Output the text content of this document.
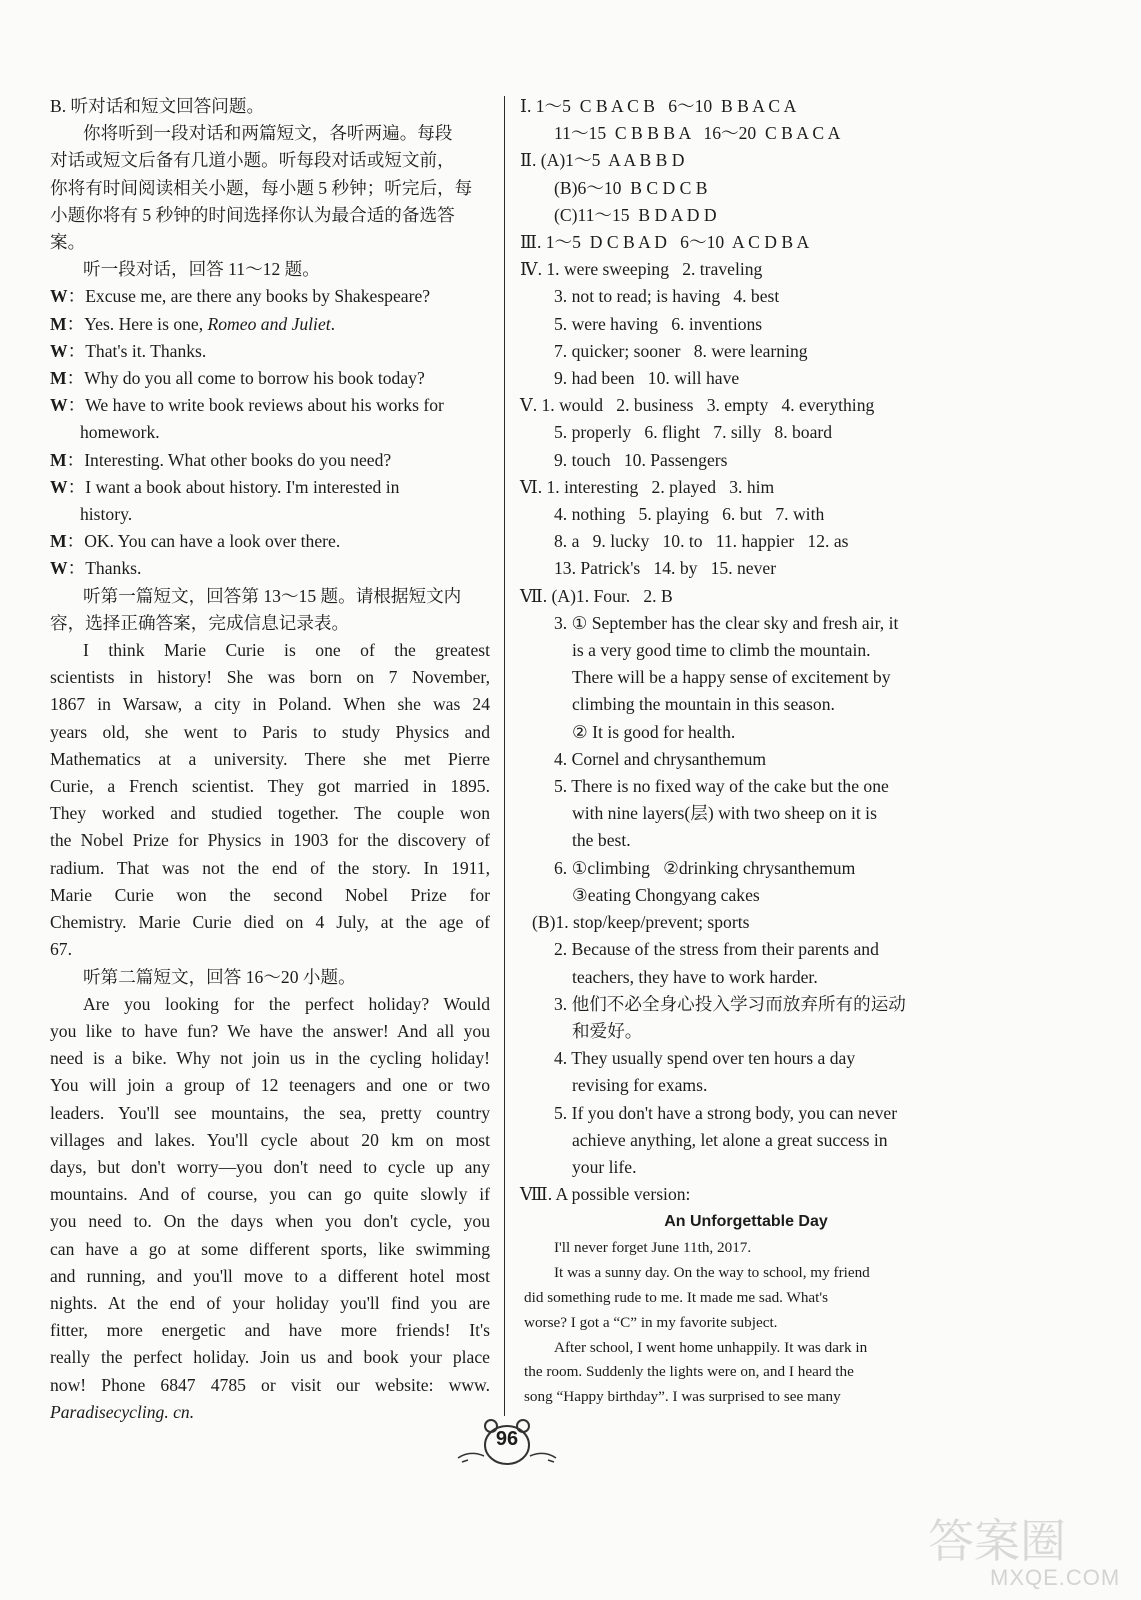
B. 听对话和短文回答问题。
你将听到一段对话和两篇短文，各听两遍。每段
对话或短文后备有几道小题。听每段对话或短文前，
你将有时间阅读相关小题，每小题 5 秒钟；听完后，每
小题你将有 5 秒钟的时间选择你认为最合适的备选答
案。
听一段对话，回答 11～12 题。
W：Excuse me, are there any books by Shakespeare?
M：Yes. Here is one, Romeo and Juliet.
W：That's it. Thanks.
M：Why do you all come to borrow his book today?
W：We have to write book reviews about his works for
homework.
M：Interesting. What other books do you need?
W：I want a book about history. I'm interested in
history.
M：OK. You can have a look over there.
W：Thanks.
听第一篇短文，回答第 13～15 题。请根据短文内
容，选择正确答案，完成信息记录表。
I think Marie Curie is one of the greatest
scientists in history! She was born on 7 November,
1867 in Warsaw, a city in Poland. When she was 24
years old, she went to Paris to study Physics and
Mathematics at a university. There she met Pierre
Curie, a French scientist. They got married in 1895.
They worked and studied together. The couple won
the Nobel Prize for Physics in 1903 for the discovery of
radium. That was not the end of the story. In 1911,
Marie Curie won the second Nobel Prize for
Chemistry. Marie Curie died on 4 July, at the age of
67.
听第二篇短文，回答 16～20 小题。
Are you looking for the perfect holiday? Would
you like to have fun? We have the answer! And all you
need is a bike. Why not join us in the cycling holiday!
You will join a group of 12 teenagers and one or two
leaders. You'll see mountains, the sea, pretty country
villages and lakes. You'll cycle about 20 km on most
days, but don't worry—you don't need to cycle up any
mountains. And of course, you can go quite slowly if
you need to. On the days when you don't cycle, you
can have a go at some different sports, like swimming
and running, and you'll move to a different hotel most
nights. At the end of your holiday you'll find you are
fitter, more energetic and have more friends! It's
really the perfect holiday. Join us and book your place
now! Phone 6847 4785 or visit our website: www.
Paradisecycling. cn.
Ⅰ. 1～5  C B A C B   6～10  B B A C A
11～15  C B B B A   16～20  C B A C A
Ⅱ. (A)1～5  A A B B D
(B)6～10  B C D C B
(C)11～15  B D A D D
Ⅲ. 1～5  D C B A D   6～10  A C D B A
Ⅳ. 1. were sweeping   2. traveling
3. not to read; is having   4. best
5. were having   6. inventions
7. quicker; sooner   8. were learning
9. had been   10. will have
Ⅴ. 1. would   2. business   3. empty   4. everything
5. properly   6. flight   7. silly   8. board
9. touch   10. Passengers
Ⅵ. 1. interesting   2. played   3. him
4. nothing   5. playing   6. but   7. with
8. a   9. lucky   10. to   11. happier   12. as
13. Patrick's   14. by   15. never
Ⅶ. (A)1. Four.   2. B
3. ① September has the clear sky and fresh air, it
is a very good time to climb the mountain.
There will be a happy sense of excitement by
climbing the mountain in this season.
② It is good for health.
4. Cornel and chrysanthemum
5. There is no fixed way of the cake but the one
with nine layers(层) with two sheep on it is
the best.
6. ①climbing   ②drinking chrysanthemum
③eating Chongyang cakes
(B)1. stop/keep/prevent; sports
2. Because of the stress from their parents and
teachers, they have to work harder.
3. 他们不必全身心投入学习而放弃所有的运动
和爱好。
4. They usually spend over ten hours a day
revising for exams.
5. If you don't have a strong body, you can never
achieve anything, let alone a great success in
your life.
Ⅷ. A possible version:
An Unforgettable Day
I'll never forget June 11th, 2017.
It was a sunny day. On the way to school, my friend
did something rude to me. It made me sad. What's
worse? I got a “C” in my favorite subject.
After school, I went home unhappily. It was dark in
the room. Suddenly the lights were on, and I heard the
song “Happy birthday”. I was surprised to see many
96
答案圈
MXQE.COM
